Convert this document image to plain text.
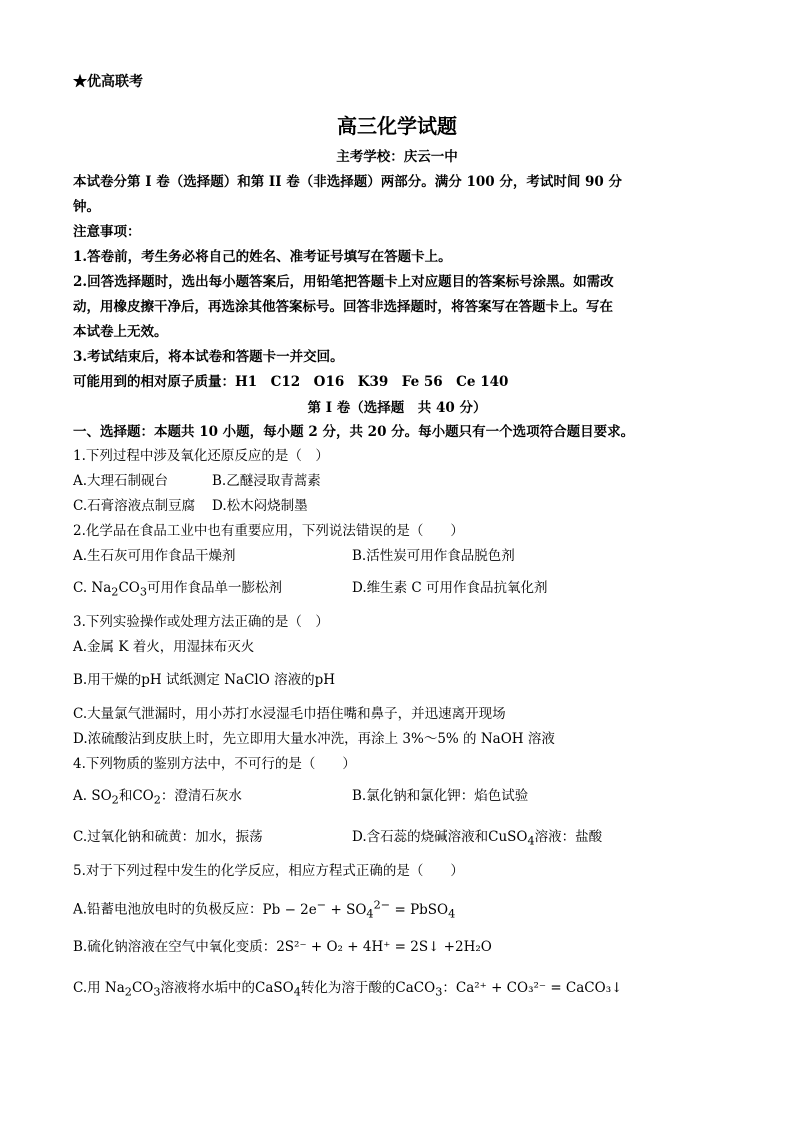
★优高联考
高三化学试题
主考学校：庆云一中
本试卷分第 I 卷（选择题）和第 II 卷（非选择题）两部分。满分 100 分，考试时间 90 分
钟。
注意事项：
1.答卷前，考生务必将自己的姓名、准考证号填写在答题卡上。
2.回答选择题时，选出每小题答案后，用铅笔把答题卡上对应题目的答案标号涂黑。如需改
动，用橡皮擦干净后，再选涂其他答案标号。回答非选择题时，将答案写在答题卡上。写在
本试卷上无效。
3.考试结束后，将本试卷和答题卡一并交回。
可能用到的相对原子质量：H1　C12　O16　K39　Fe 56　Ce 140
第 I 卷（选择题　共 40 分）
一、选择题：本题共 10 小题，每小题 2 分，共 20 分。每小题只有一个选项符合题目要求。
1.下列过程中涉及氧化还原反应的是（　）
A.大理石制砚台	B.乙醚浸取青蒿素
C.石膏溶液点制豆腐 D.松木闷烧制墨
2.化学品在食品工业中也有重要应用，下列说法错误的是（　　）
A.生石灰可用作食品干燥剂	B.活性炭可用作食品脱色剂
C. $Na_2CO_3$可用作食品单一膨松剂	D.维生素 C 可用作食品抗氧化剂
3.下列实验操作或处理方法正确的是（　）
A.金属 K 着火，用湿抹布灭火
B.用干燥的pH 试纸测定 NaClO 溶液的pH
C.大量氯气泄漏时，用小苏打水浸湿毛巾捂住嘴和鼻子，并迅速离开现场
D.浓硫酸沾到皮肤上时，先立即用大量水冲洗，再涂上 3%～5% 的 NaOH 溶液
4.下列物质的鉴别方法中，不可行的是（　　）
A. $SO_2$和$CO_2$：澄清石灰水	B.氯化钠和氯化钾：焰色试验
C.过氧化钠和硫黄：加水，振荡	D.含石蕊的烧碱溶液和CuSO$_4$溶液：盐酸
5.对于下列过程中发生的化学反应，相应方程式正确的是（　　）
A.铅蓄电池放电时的负极反应：$Pb - 2e^- + SO_4^{2-}$ = PbSO$_4$
B.硫化钠溶液在空气中氧化变质：2S²⁻ + O₂ + 4H⁺ = 2S↓ +2H₂O
C.用 $Na_2CO_3$溶液将水垢中的CaSO$_4$转化为溶于酸的CaCO$_3$：Ca²⁺ + CO₃²⁻ = CaCO₃↓
